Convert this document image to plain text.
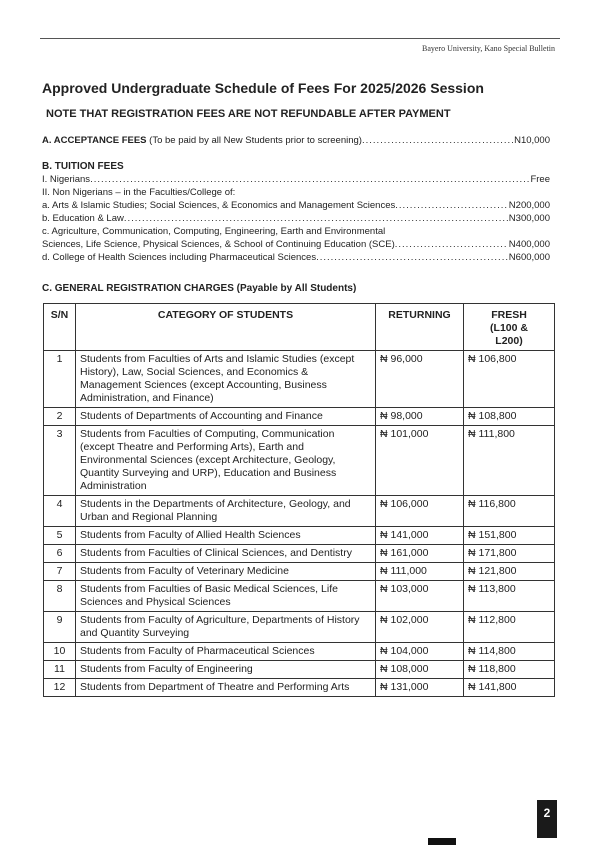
Bayero University, Kano Special Bulletin
Approved Undergraduate Schedule of Fees For 2025/2026 Session
NOTE THAT REGISTRATION FEES ARE NOT REFUNDABLE AFTER PAYMENT
A. ACCEPTANCE FEES
(To be paid by all New Students prior to screening) .....	N10,000
B. TUITION FEES
I. Nigerians .....	Free
II. Non Nigerians – in the Faculties/College of:
a. Arts & Islamic Studies; Social Sciences, & Economics and Management Sciences .....	N200,000
b. Education & Law .....	N300,000
c. Agriculture, Communication, Computing, Engineering, Earth and Environmental
Sciences, Life Science, Physical Sciences, & School of Continuing Education (SCE) .....	N400,000
d. College of Health Sciences including Pharmaceutical Sciences .....	N600,000
C. GENERAL REGISTRATION CHARGES (Payable by All Students)
S/N	CATEGORY OF STUDENTS	RETURNING	FRESH (L100 & L200)
1	Students from Faculties of Arts and Islamic Studies (except History), Law, Social Sciences, and Economics & Management Sciences (except Accounting, Business Administration, and Finance)	₦ 96,000	₦ 106,800
2	Students of Departments of Accounting and Finance	₦ 98,000	₦ 108,800
3	Students from Faculties of Computing, Communication (except Theatre and Performing Arts), Earth and Environmental Sciences (except Architecture, Geology, Quantity Surveying and URP), Education and Business Administration	₦ 101,000	₦ 111,800
4	Students in the Departments of Architecture, Geology, and Urban and Regional Planning	₦ 106,000	₦ 116,800
5	Students from Faculty of Allied Health Sciences	₦ 141,000	₦ 151,800
6	Students from Faculties of Clinical Sciences, and Dentistry	₦ 161,000	₦ 171,800
7	Students from Faculty of Veterinary Medicine	₦ 111,000	₦ 121,800
8	Students from Faculties of Basic Medical Sciences, Life Sciences and Physical Sciences	₦ 103,000	₦ 113,800
9	Students from Faculty of Agriculture, Departments of History and Quantity Surveying	₦ 102,000	₦ 112,800
10	Students from Faculty of Pharmaceutical Sciences	₦ 104,000	₦ 114,800
11	Students from Faculty of Engineering	₦ 108,000	₦ 118,800
12	Students from Department of Theatre and Performing Arts	₦ 131,000	₦ 141,800
2
